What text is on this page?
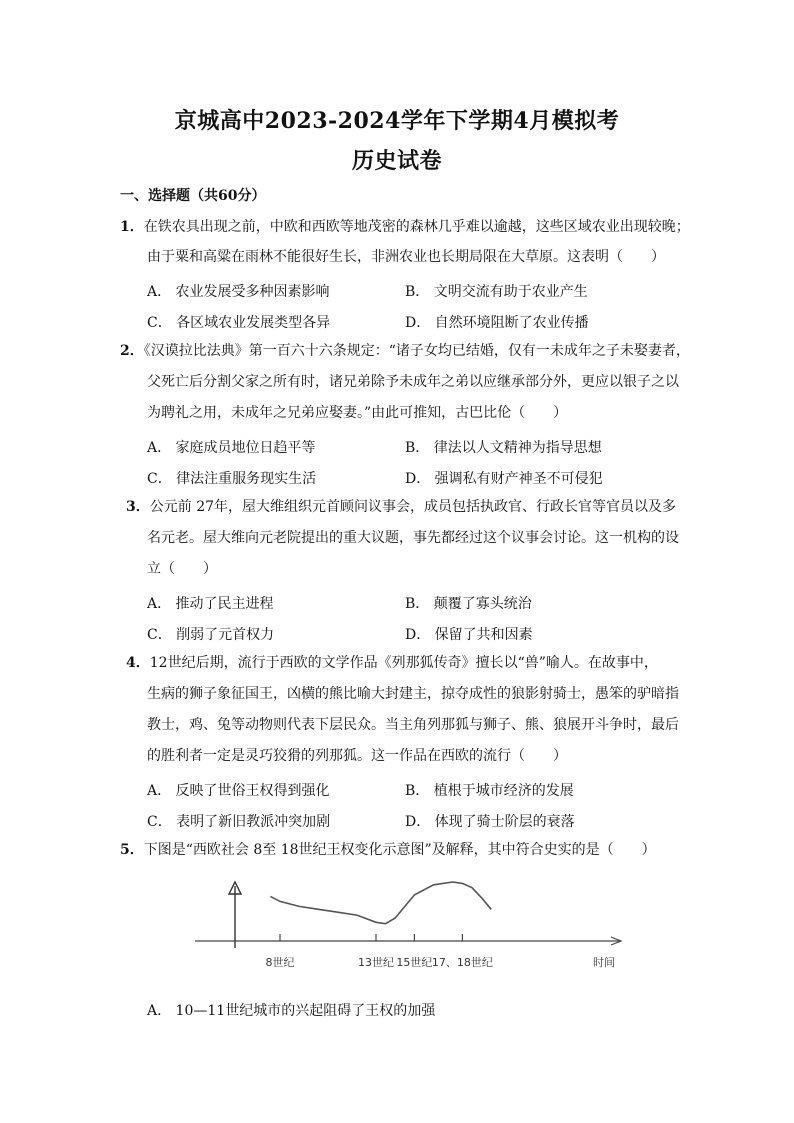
京城高中2023-2024学年下学期4月模拟考
历史试卷
一、选择题（共60分）
1．在铁农具出现之前，中欧和西欧等地茂密的森林几乎难以逾越，这些区域农业出现较晚；
由于粟和高粱在雨林不能很好生长，非洲农业也长期局限在大草原。这表明（　　）
A． 农业发展受多种因素影响	B． 文明交流有助于农业产生
C． 各区域农业发展类型各异	D． 自然环境阻断了农业传播
2．《汉谟拉比法典》第一百六十六条规定：“诸子女均已结婚，仅有一未成年之子未娶妻者，
父死亡后分割父家之所有时，诸兄弟除予未成年之弟以应继承部分外，更应以银子之以
为聘礼之用，未成年之兄弟应娶妻。”由此可推知，古巴比伦（　　）
A． 家庭成员地位日趋平等	B． 律法以人文精神为指导思想
C． 律法注重服务现实生活	D． 强调私有财产神圣不可侵犯
3．公元前 27年，屋大维组织元首顾问议事会，成员包括执政官、行政长官等官员以及多
名元老。屋大维向元老院提出的重大议题，事先都经过这个议事会讨论。这一机构的设
立（　　）
A． 推动了民主进程	B． 颠覆了寡头统治
C． 削弱了元首权力	D． 保留了共和因素
4．12世纪后期，流行于西欧的文学作品《列那狐传奇》擅长以“兽”喻人。在故事中，
生病的狮子象征国王，凶横的熊比喻大封建主，掠夺成性的狼影射骑士，愚笨的驴暗指
教士，鸡、兔等动物则代表下层民众。当主角列那狐与狮子、熊、狼展开斗争时，最后
的胜利者一定是灵巧狡猾的列那狐。这一作品在西欧的流行（　　）
A． 反映了世俗王权得到强化	B． 植根于城市经济的发展
C． 表明了新旧教派冲突加剧	D． 体现了骑士阶层的衰落
5．下图是“西欧社会 8至 18世纪王权变化示意图”及解释，其中符合史实的是（　　）
8世纪	13世纪 15世纪 17、18世纪	时间
A． 10—11世纪城市的兴起阻碍了王权的加强
